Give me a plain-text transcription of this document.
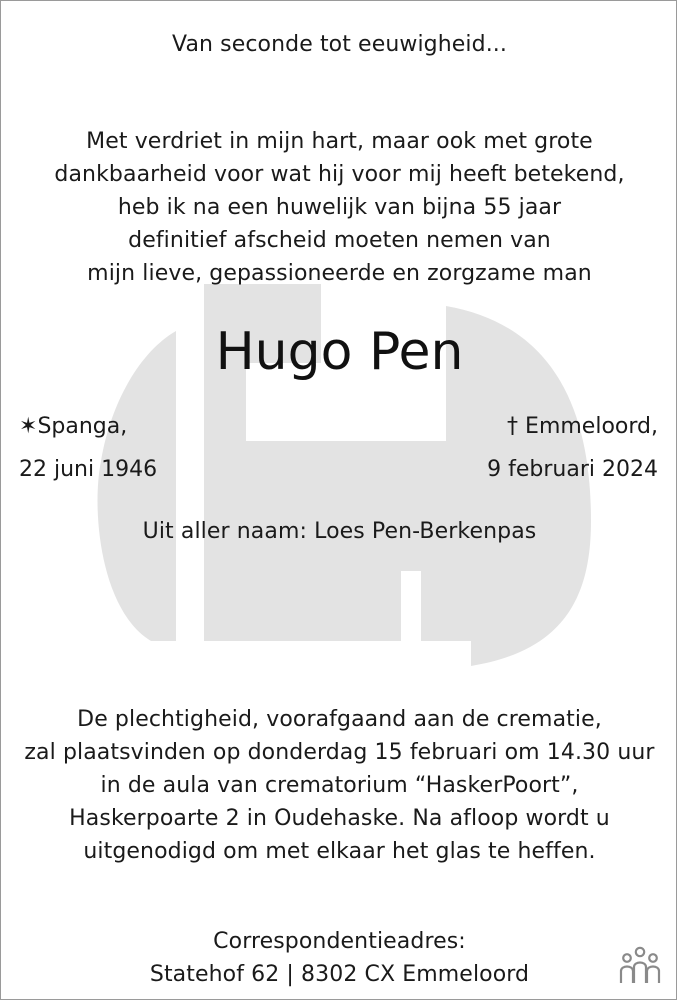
Van seconde tot eeuwigheid...
Met verdriet in mijn hart, maar ook met grote
dankbaarheid voor wat hij voor mij heeft betekend,
heb ik na een huwelijk van bijna 55 jaar
definitief afscheid moeten nemen van
mijn lieve, gepassioneerde en zorgzame man
Hugo Pen
✶Spanga,
22 juni 1946
† Emmeloord,
9 februari 2024
Uit aller naam: Loes Pen-Berkenpas
De plechtigheid, voorafgaand aan de crematie,
zal plaatsvinden op donderdag 15 februari om 14.30 uur
in de aula van crematorium “HaskerPoort”,
Haskerpoarte 2 in Oudehaske. Na afloop wordt u
uitgenodigd om met elkaar het glas te heffen.
Correspondentieadres:
Statehof 62 | 8302 CX Emmeloord
